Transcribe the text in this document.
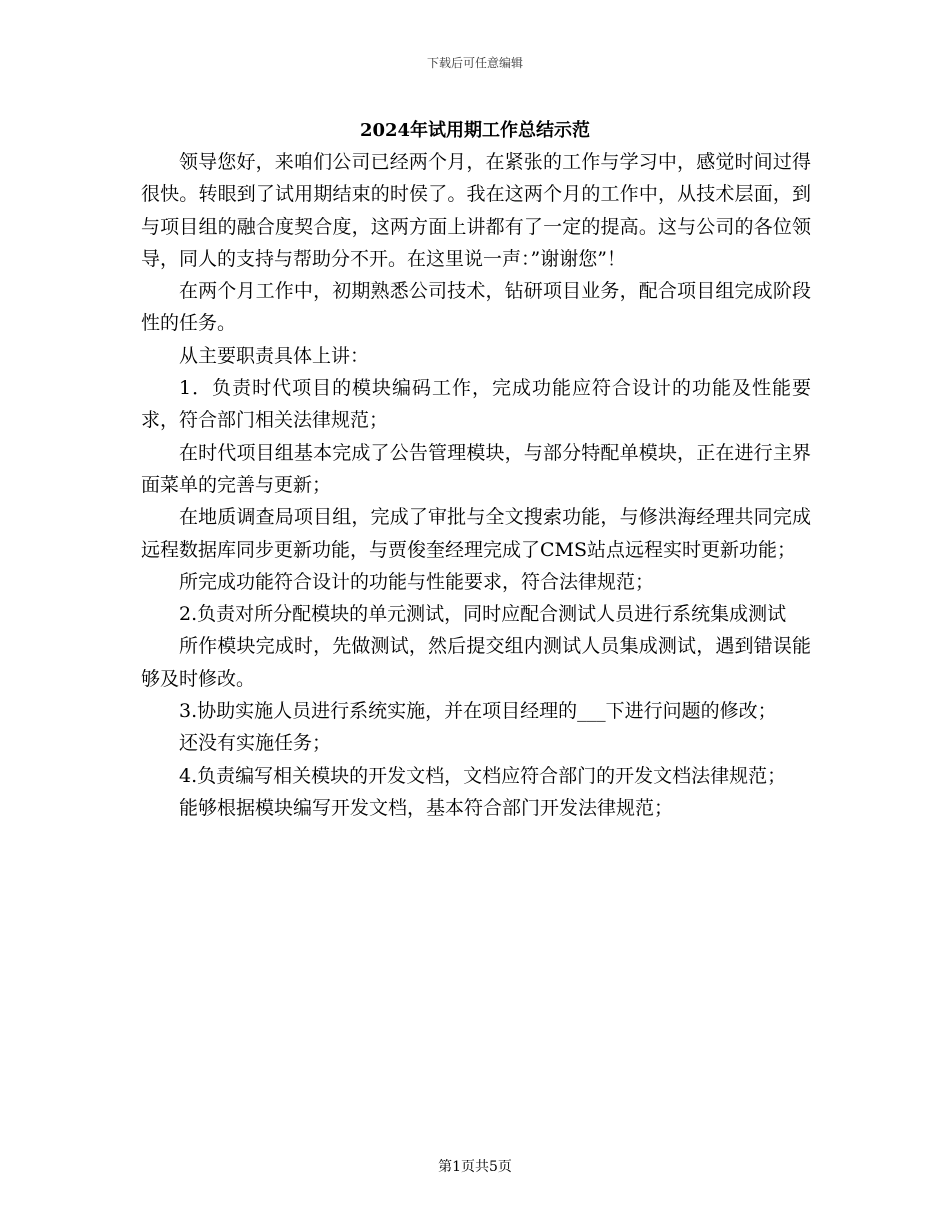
下载后可任意编辑
2024年试用期工作总结示范

领导您好，来咱们公司已经两个月，在紧张的工作与学习中，感觉时间过得很快。转眼到了试用期结束的时侯了。我在这两个月的工作中，从技术层面，到与项目组的融合度契合度，这两方面上讲都有了一定的提高。这与公司的各位领导，同人的支持与帮助分不开。在这里说一声：”谢谢您”！

在两个月工作中，初期熟悉公司技术，钻研项目业务，配合项目组完成阶段性的任务。

从主要职责具体上讲：

1．负责时代项目的模块编码工作，完成功能应符合设计的功能及性能要求，符合部门相关法律规范；

在时代项目组基本完成了公告管理模块，与部分特配单模块，正在进行主界面菜单的完善与更新；

在地质调查局项目组，完成了审批与全文搜索功能，与修洪海经理共同完成远程数据库同步更新功能，与贾俊奎经理完成了CMS站点远程实时更新功能；

所完成功能符合设计的功能与性能要求，符合法律规范；

2.负责对所分配模块的单元测试，同时应配合测试人员进行系统集成测试

所作模块完成时，先做测试，然后提交组内测试人员集成测试，遇到错误能够及时修改。

3.协助实施人员进行系统实施，并在项目经理的___下进行问题的修改；

还没有实施任务；

4.负责编写相关模块的开发文档，文档应符合部门的开发文档法律规范；

能够根据模块编写开发文档，基本符合部门开发法律规范；

第1页共5页
